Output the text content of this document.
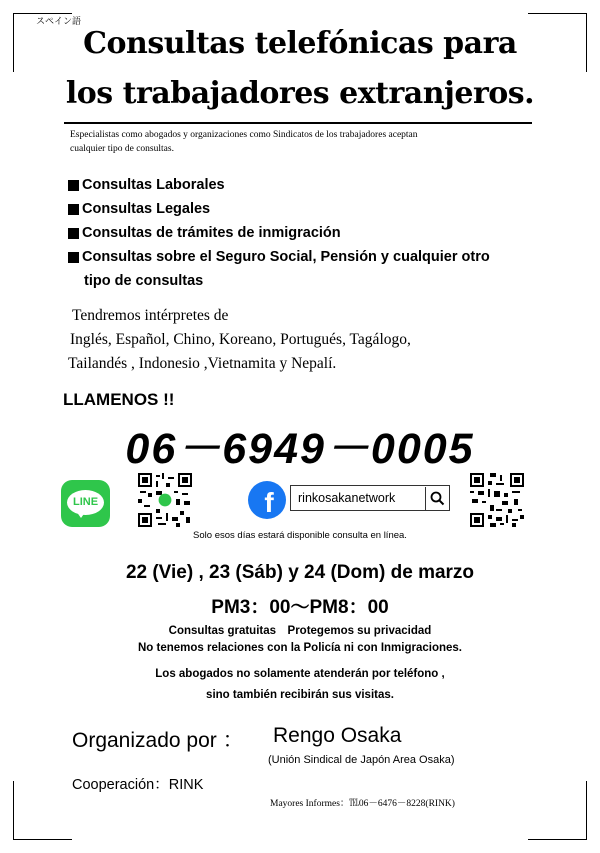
スペイン語
Consultas telefónicas para
los trabajadores extranjeros.
Especialistas como abogados y organizaciones como Sindicatos de los trabajadores aceptan
cualquier tipo de consultas.
Consultas Laborales
Consultas Legales
Consultas de trámites de inmigración
Consultas sobre el Seguro Social, Pensión y cualquier otro
tipo de consultas
Tendremos intérpretes de
Inglés, Español, Chino, Koreano, Portugués, Tagálogo,
Tailandés , Indonesio ,Vietnamita y Nepalí.
LLAMENOS !!
06－6949－0005
LINE	f	rinkosakanetwork
Solo esos días estará disponible consulta en línea.
22 (Vie) , 23 (Sáb) y 24 (Dom) de marzo
PM3：00～PM8：00
Consultas gratuitas　Protegemos su privacidad
No tenemos relaciones con la Policía ni con Inmigraciones.
Los abogados no solamente atenderán por teléfono ,
sino también recibirán sus visitas.
Organizado por ： Rengo Osaka
(Unión Sindical de Japón Area Osaka)
Cooperación：RINK
Mayores Informes：℡06－6476－8228(RINK)
